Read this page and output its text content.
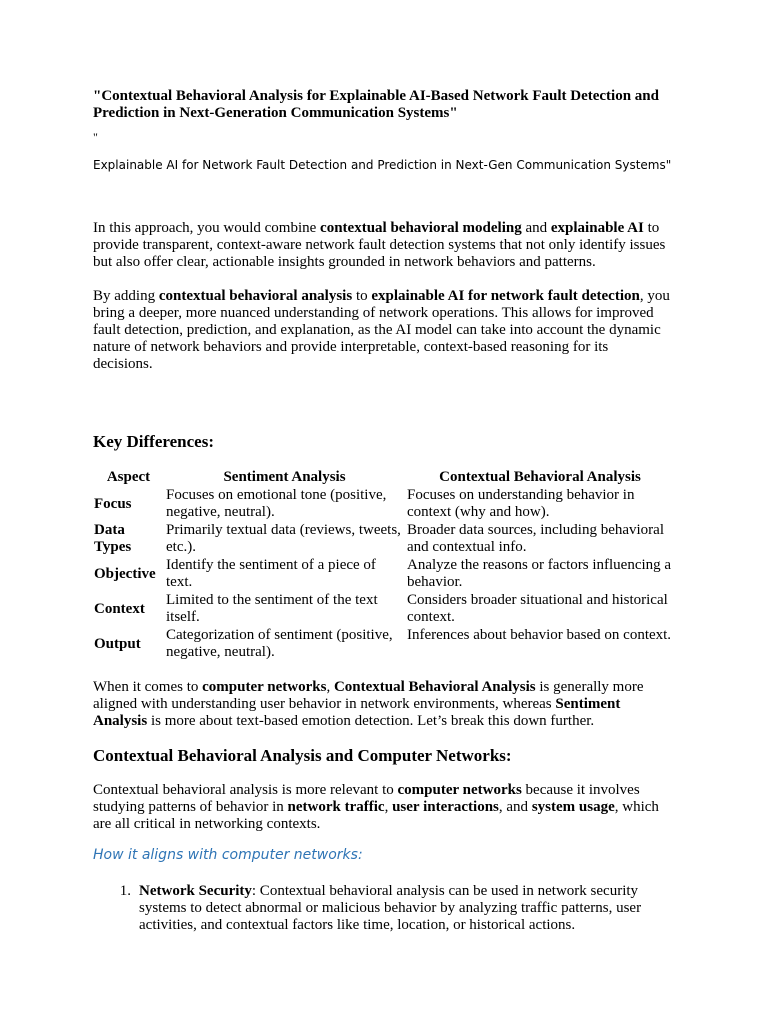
"Contextual Behavioral Analysis for Explainable AI-Based Network Fault Detection and Prediction in Next-Generation Communication Systems"
"
Explainable AI for Network Fault Detection and Prediction in Next-Gen Communication Systems"

In this approach, you would combine contextual behavioral modeling and explainable AI to provide transparent, context-aware network fault detection systems that not only identify issues but also offer clear, actionable insights grounded in network behaviors and patterns.

By adding contextual behavioral analysis to explainable AI for network fault detection, you bring a deeper, more nuanced understanding of network operations. This allows for improved fault detection, prediction, and explanation, as the AI model can take into account the dynamic nature of network behaviors and provide interpretable, context-based reasoning for its decisions.

Key Differences:
Aspect	Sentiment Analysis	Contextual Behavioral Analysis
Focus	Focuses on emotional tone (positive, negative, neutral).	Focuses on understanding behavior in context (why and how).
Data Types	Primarily textual data (reviews, tweets, etc.).	Broader data sources, including behavioral and contextual info.
Objective	Identify the sentiment of a piece of text.	Analyze the reasons or factors influencing a behavior.
Context	Limited to the sentiment of the text itself.	Considers broader situational and historical context.
Output	Categorization of sentiment (positive, negative, neutral).	Inferences about behavior based on context.

When it comes to computer networks, Contextual Behavioral Analysis is generally more aligned with understanding user behavior in network environments, whereas Sentiment Analysis is more about text-based emotion detection. Let’s break this down further.

Contextual Behavioral Analysis and Computer Networks:

Contextual behavioral analysis is more relevant to computer networks because it involves studying patterns of behavior in network traffic, user interactions, and system usage, which are all critical in networking contexts.

How it aligns with computer networks:
1. Network Security: Contextual behavioral analysis can be used in network security systems to detect abnormal or malicious behavior by analyzing traffic patterns, user activities, and contextual factors like time, location, or historical actions.
